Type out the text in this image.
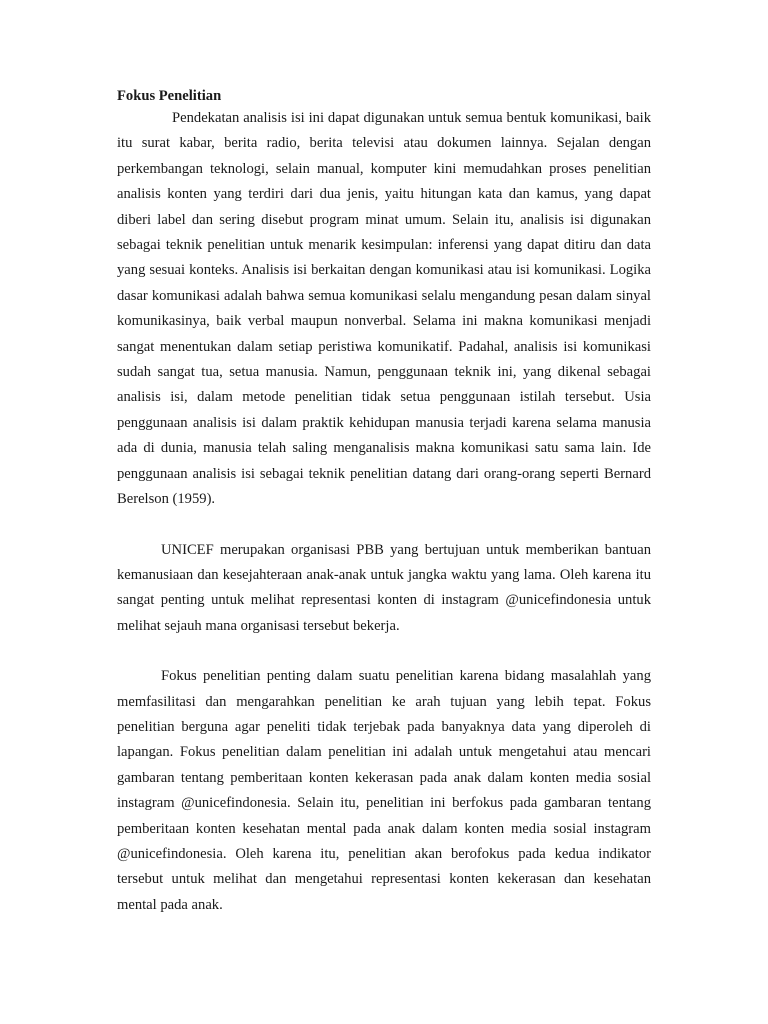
Fokus Penelitian

Pendekatan analisis isi ini dapat digunakan untuk semua bentuk komunikasi, baik itu surat kabar, berita radio, berita televisi atau dokumen lainnya. Sejalan dengan perkembangan teknologi, selain manual, komputer kini memudahkan proses penelitian analisis konten yang terdiri dari dua jenis, yaitu hitungan kata dan kamus, yang dapat diberi label dan sering disebut program minat umum. Selain itu, analisis isi digunakan sebagai teknik penelitian untuk menarik kesimpulan: inferensi yang dapat ditiru dan data yang sesuai konteks. Analisis isi berkaitan dengan komunikasi atau isi komunikasi. Logika dasar komunikasi adalah bahwa semua komunikasi selalu mengandung pesan dalam sinyal komunikasinya, baik verbal maupun nonverbal. Selama ini makna komunikasi menjadi sangat menentukan dalam setiap peristiwa komunikatif. Padahal, analisis isi komunikasi sudah sangat tua, setua manusia. Namun, penggunaan teknik ini, yang dikenal sebagai analisis isi, dalam metode penelitian tidak setua penggunaan istilah tersebut. Usia penggunaan analisis isi dalam praktik kehidupan manusia terjadi karena selama manusia ada di dunia, manusia telah saling menganalisis makna komunikasi satu sama lain. Ide penggunaan analisis isi sebagai teknik penelitian datang dari orang-orang seperti Bernard Berelson (1959).

UNICEF merupakan organisasi PBB yang bertujuan untuk memberikan bantuan kemanusiaan dan kesejahteraan anak-anak untuk jangka waktu yang lama. Oleh karena itu sangat penting untuk melihat representasi konten di instagram @unicefindonesia untuk melihat sejauh mana organisasi tersebut bekerja.

Fokus penelitian penting dalam suatu penelitian karena bidang masalahlah yang memfasilitasi dan mengarahkan penelitian ke arah tujuan yang lebih tepat. Fokus penelitian berguna agar peneliti tidak terjebak pada banyaknya data yang diperoleh di lapangan. Fokus penelitian dalam penelitian ini adalah untuk mengetahui atau mencari gambaran tentang pemberitaan konten kekerasan pada anak dalam konten media sosial instagram @unicefindonesia. Selain itu, penelitian ini berfokus pada gambaran tentang pemberitaan konten kesehatan mental pada anak dalam konten media sosial instagram @unicefindonesia. Oleh karena itu, penelitian akan berofokus pada kedua indikator tersebut untuk melihat dan mengetahui representasi konten kekerasan dan kesehatan mental pada anak.
